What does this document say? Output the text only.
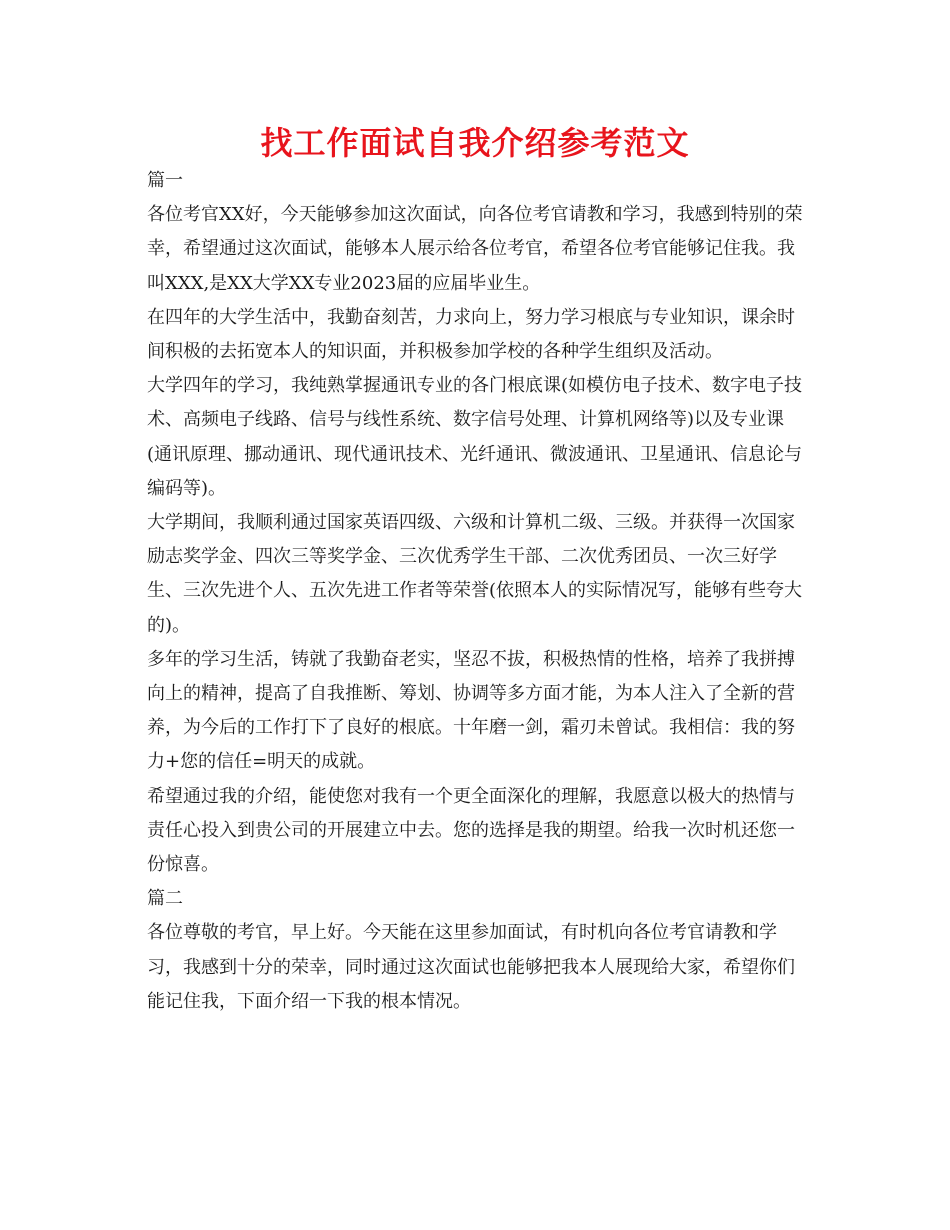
找工作面试自我介绍参考范文

篇一

各位考官XX好，今天能够参加这次面试，向各位考官请教和学习，我感到特别的荣幸，希望通过这次面试，能够本人展示给各位考官，希望各位考官能够记住我。我叫XXX,是XX大学XX专业2023届的应届毕业生。

在四年的大学生活中，我勤奋刻苦，力求向上，努力学习根底与专业知识，课余时间积极的去拓宽本人的知识面，并积极参加学校的各种学生组织及活动。

大学四年的学习，我纯熟掌握通讯专业的各门根底课(如模仿电子技术、数字电子技术、高频电子线路、信号与线性系统、数字信号处理、计算机网络等)以及专业课(通讯原理、挪动通讯、现代通讯技术、光纤通讯、微波通讯、卫星通讯、信息论与编码等)。

大学期间，我顺利通过国家英语四级、六级和计算机二级、三级。并获得一次国家励志奖学金、四次三等奖学金、三次优秀学生干部、二次优秀团员、一次三好学生、三次先进个人、五次先进工作者等荣誉(依照本人的实际情况写，能够有些夸大的)。

多年的学习生活，铸就了我勤奋老实，坚忍不拔，积极热情的性格，培养了我拼搏向上的精神，提高了自我推断、筹划、协调等多方面才能，为本人注入了全新的营养，为今后的工作打下了良好的根底。十年磨一剑，霜刃未曾试。我相信：我的努力+您的信任=明天的成就。

希望通过我的介绍，能使您对我有一个更全面深化的理解，我愿意以极大的热情与责任心投入到贵公司的开展建立中去。您的选择是我的期望。给我一次时机还您一份惊喜。

篇二

各位尊敬的考官，早上好。今天能在这里参加面试，有时机向各位考官请教和学习，我感到十分的荣幸，同时通过这次面试也能够把我本人展现给大家，希望你们能记住我，下面介绍一下我的根本情况。
